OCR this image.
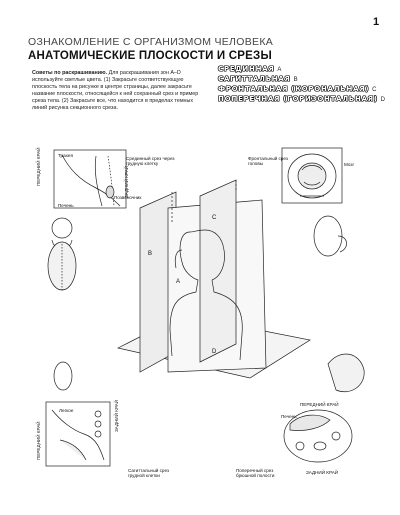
1
ОЗНАКОМЛЕНИЕ С ОРГАНИЗМОМ ЧЕЛОВЕКА
АНАТОМИЧЕСКИЕ ПЛОСКОСТИ И СРЕЗЫ
Советы по раскрашиванию. Для раскрашивания зон A–D используйте светлые цвета. (1) Закрасьте соответствующую плоскость тела на рисунке в центре страницы, далее закрасьте название плоскости, относящейся к ней сохранный срез и пример среза тела. (2) Закрасьте все, что находится в пределах темных линий рисунка секционного среза.
СРЕДИННАЯ A
САГИТТАЛЬНАЯ B
ФРОНТАЛЬНАЯ (КОРОНАЛЬНАЯ) C
ПОПЕРЕЧНАЯ (ГОРИЗОНТАЛЬНАЯ) D
Срединный срез через грудную клетку
Фронтальный срез головы
Сагиттальный срез грудной клетки
Поперечный срез брюшной полости
Трахея
Печень
Позвоночник
Мозг
Легкое
Печень
ПЕРЕДНИЙ КРАЙ	ЗАДНИЙ КРАЙ
ПЕРЕДНИЙ КРАЙ
ЗАДНИЙ КРАЙ	ПЕРЕДНИЙ КРАЙ
ЗАДНИЙ КРАЙ
B
A
C
D
